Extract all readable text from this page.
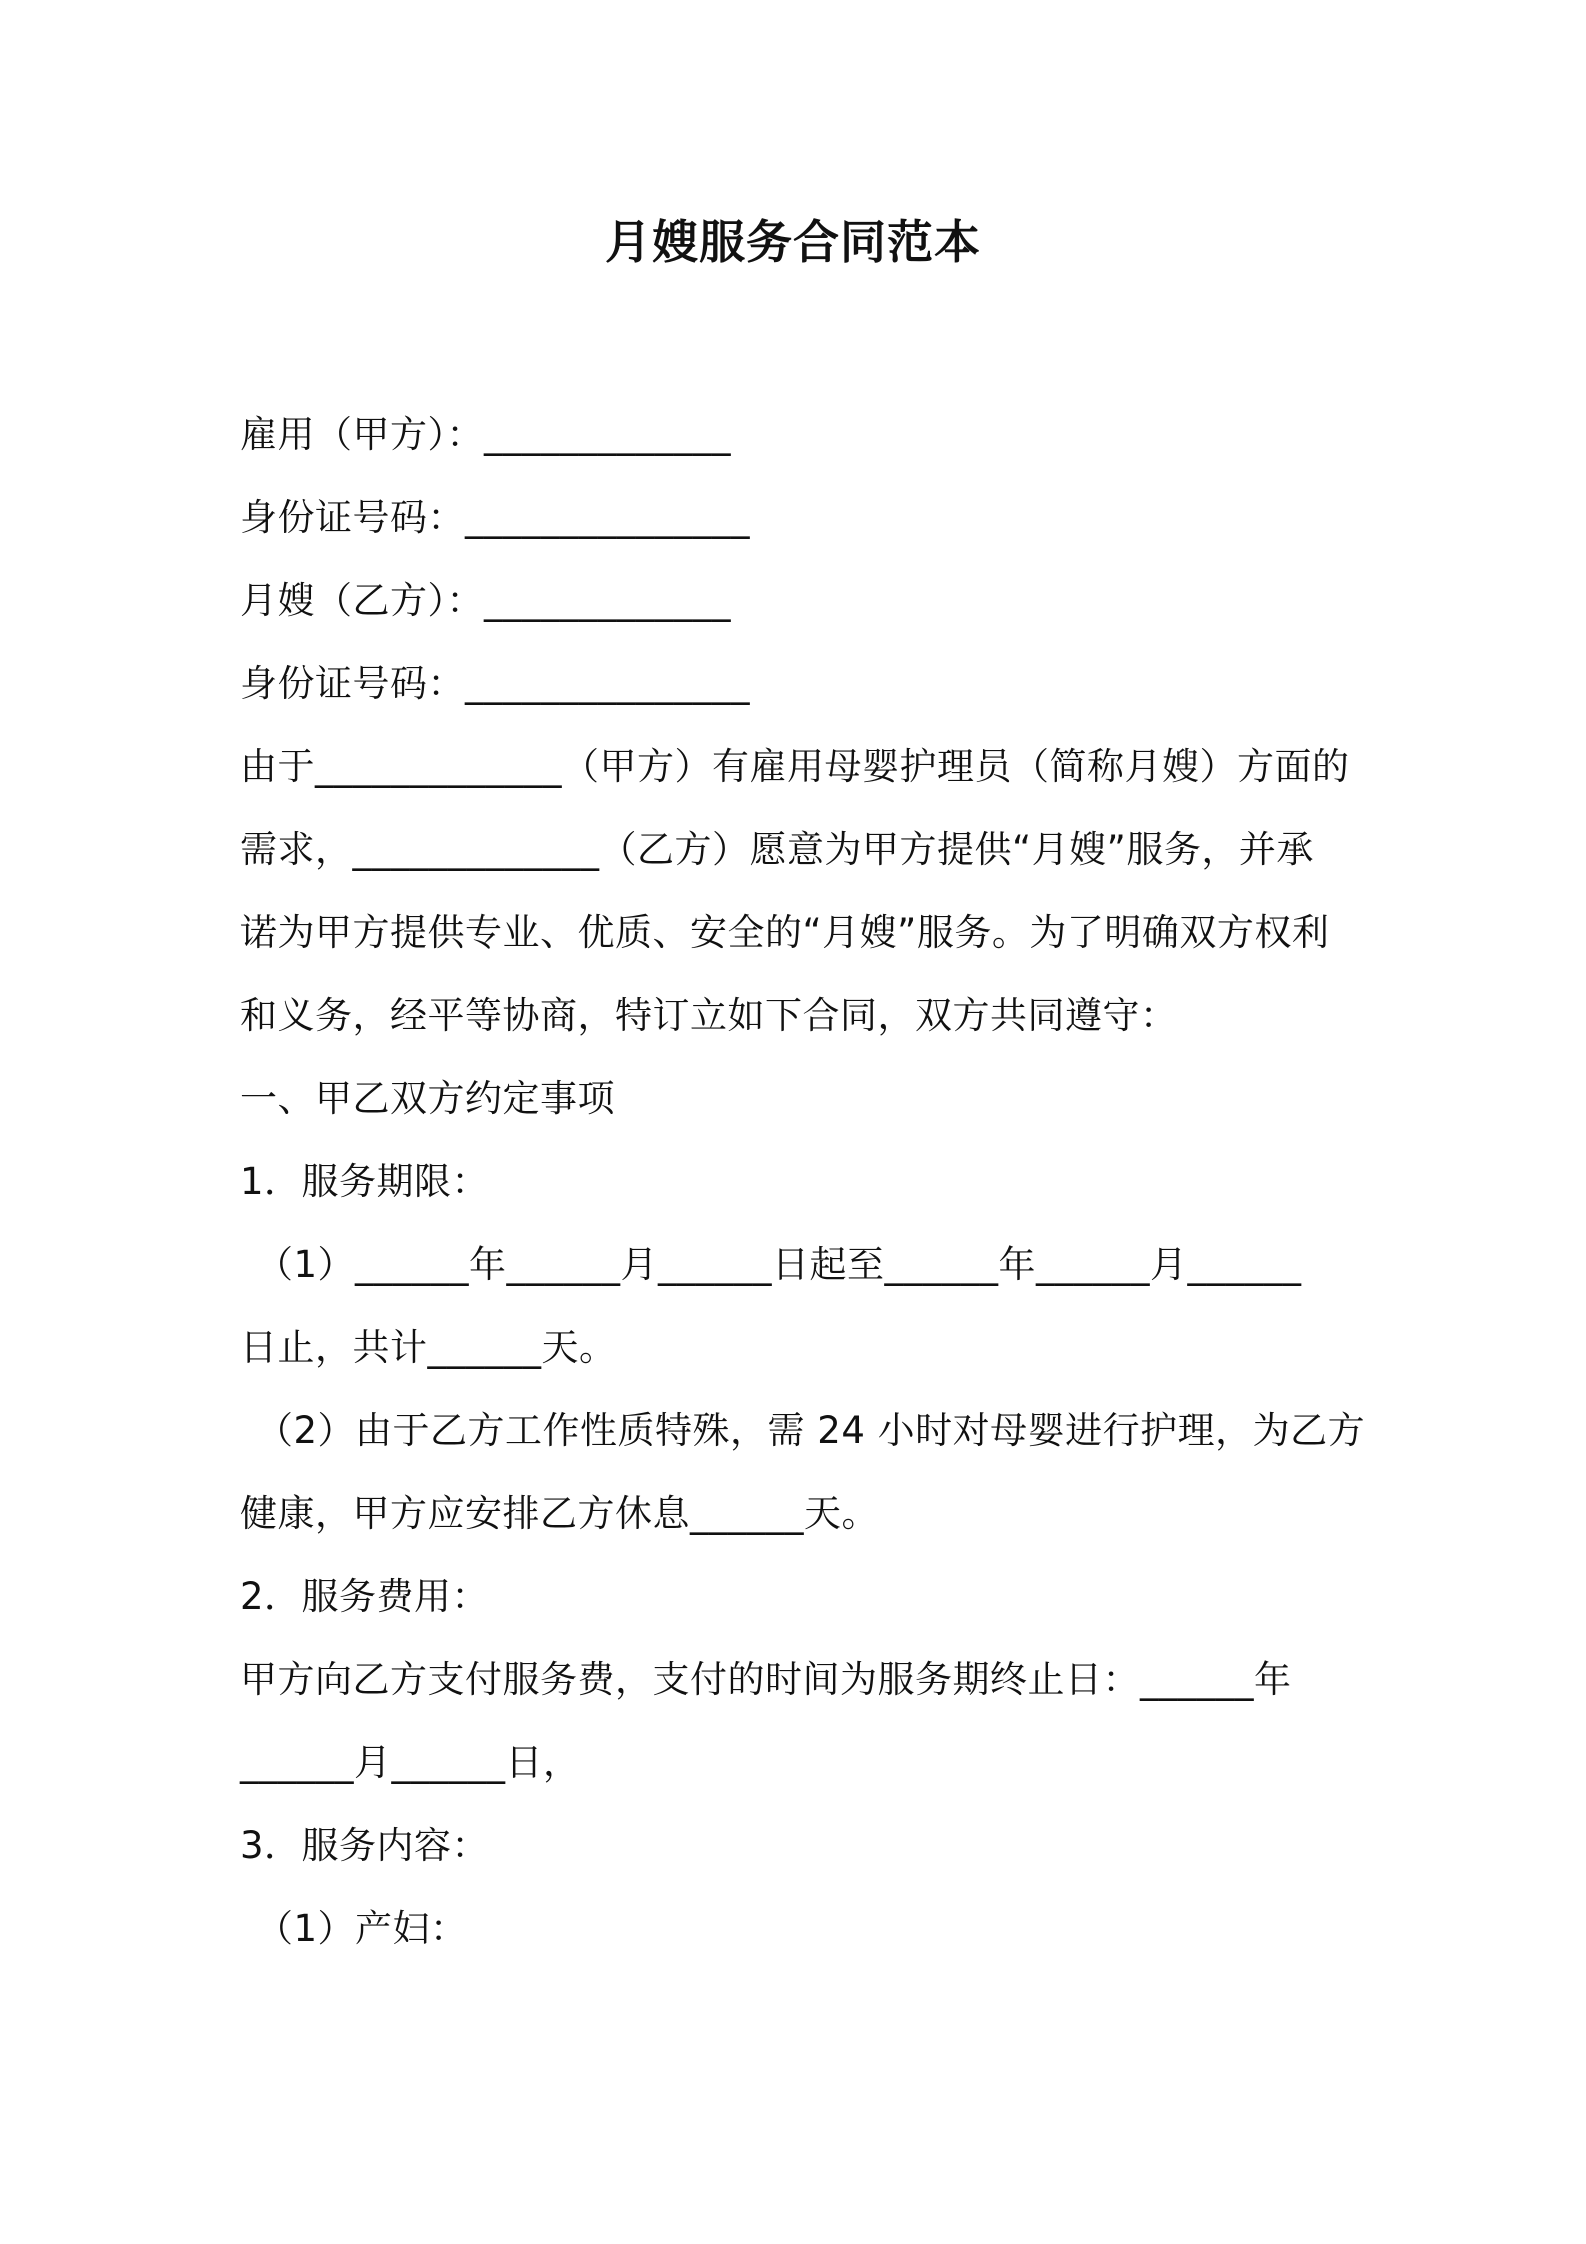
月嫂服务合同范本
雇用（甲方）：_____________
身份证号码：_______________
月嫂（乙方）：_____________
身份证号码：_______________
由于_____________（甲方）有雇用母婴护理员（简称月嫂）方面的
需求，_____________（乙方）愿意为甲方提供“月嫂”服务，并承
诺为甲方提供专业、优质、安全的“月嫂”服务。为了明确双方权利
和义务，经平等协商，特订立如下合同，双方共同遵守：
一、甲乙双方约定事项
1．服务期限：
（1）______年______月______日起至______年______月______
日止，共计______天。
（2）由于乙方工作性质特殊，需 24 小时对母婴进行护理，为乙方
健康，甲方应安排乙方休息______天。
2．服务费用：
甲方向乙方支付服务费，支付的时间为服务期终止日：______年
______月______日，
3．服务内容：
（1）产妇：
